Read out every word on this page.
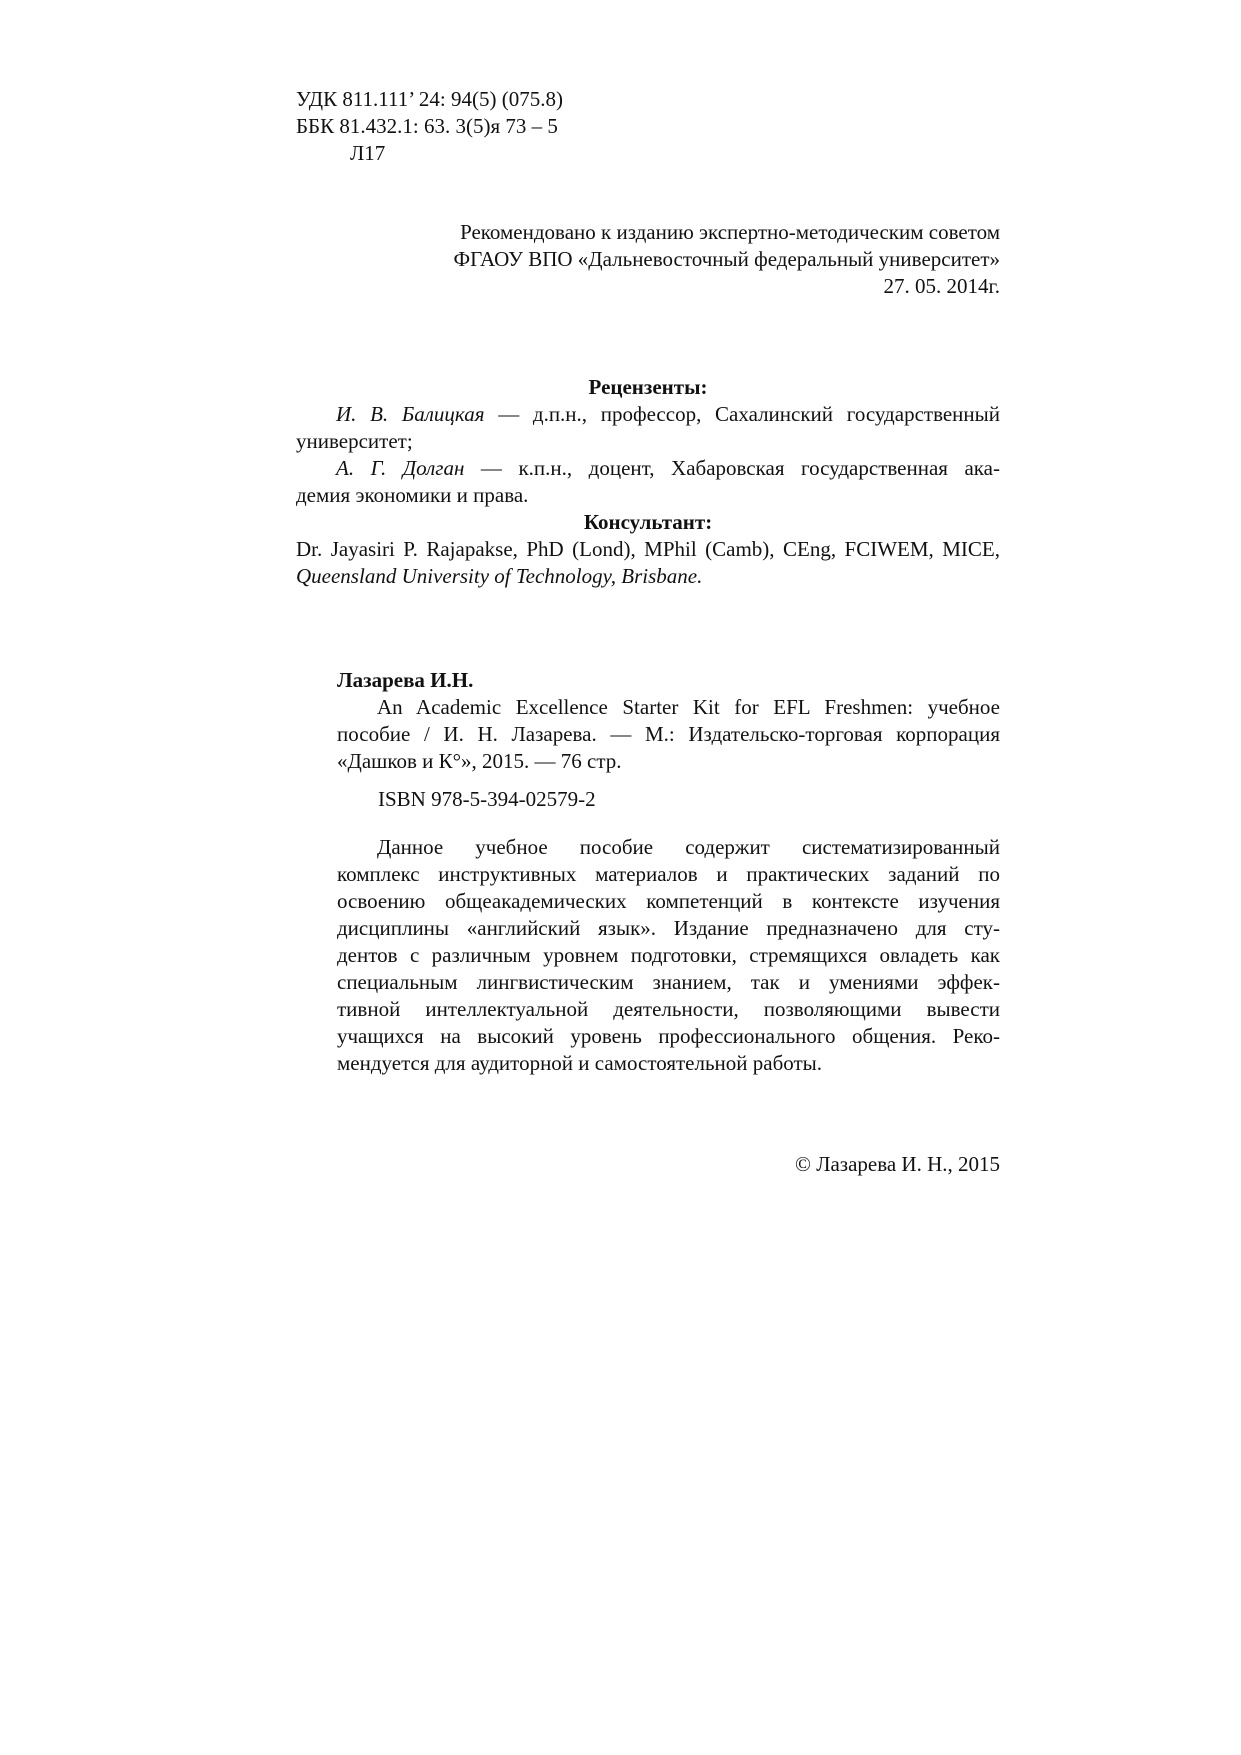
УДК 811.111’ 24: 94(5) (075.8)
ББК 81.432.1: 63. 3(5)я 73 – 5
Л17
Рекомендовано к изданию экспертно-методическим советом
ФГАОУ ВПО «Дальневосточный федеральный университет»
27. 05. 2014г.
Рецензенты:
И. В. Балицкая — д.п.н., профессор, Сахалинский государственный
университет;
А. Г. Долган — к.п.н., доцент, Хабаровская государственная ака-
демия экономики и права.
Консультант:
Dr. Jayasiri P. Rajapakse, PhD (Lond), MPhil (Camb), CEng, FCIWEM, MICE,
Queensland University of Technology, Brisbane.
Лазарева И.Н.
An Academic Excellence Starter Kit for EFL Freshmen: учебное
пособие / И. Н. Лазарева. — М.: Издательско-торговая корпорация
«Дашков и К°», 2015. — 76 стр.
ISBN 978-5-394-02579-2
Данное учебное пособие содержит систематизированный
комплекс инструктивных материалов и практических заданий по
освоению общеакадемических компетенций в контексте изучения
дисциплины «английский язык». Издание предназначено для сту-
дентов с различным уровнем подготовки, стремящихся овладеть как
специальным лингвистическим знанием, так и умениями эффек-
тивной интеллектуальной деятельности, позволяющими вывести
учащихся на высокий уровень профессионального общения. Реко-
мендуется для аудиторной и самостоятельной работы.
© Лазарева И. Н., 2015
